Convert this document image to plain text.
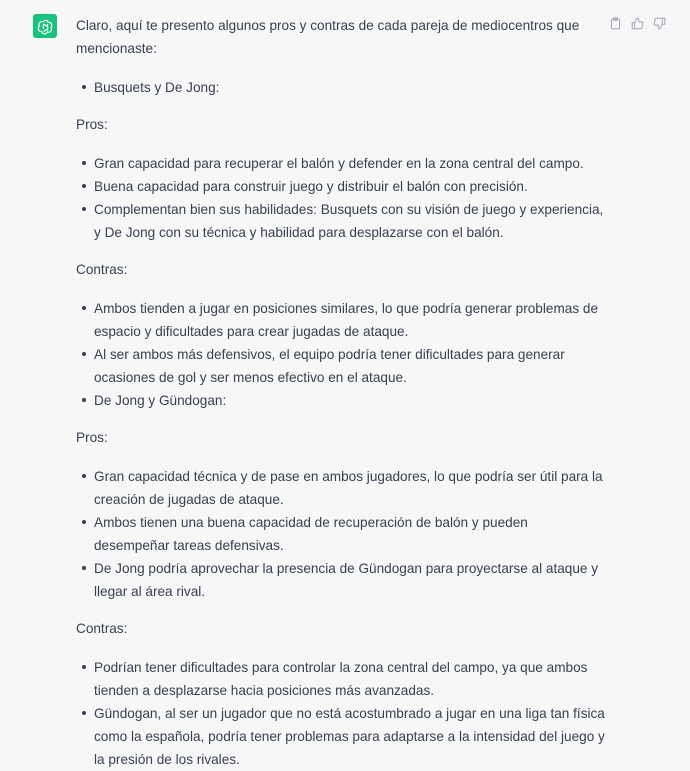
Claro, aquí te presento algunos pros y contras de cada pareja de mediocentros que mencionaste:

Busquets y De Jong:

Pros:

Gran capacidad para recuperar el balón y defender en la zona central del campo.
Buena capacidad para construir juego y distribuir el balón con precisión.
Complementan bien sus habilidades: Busquets con su visión de juego y experiencia, y De Jong con su técnica y habilidad para desplazarse con el balón.

Contras:

Ambos tienden a jugar en posiciones similares, lo que podría generar problemas de espacio y dificultades para crear jugadas de ataque.
Al ser ambos más defensivos, el equipo podría tener dificultades para generar ocasiones de gol y ser menos efectivo en el ataque.
De Jong y Gündogan:

Pros:

Gran capacidad técnica y de pase en ambos jugadores, lo que podría ser útil para la creación de jugadas de ataque.
Ambos tienen una buena capacidad de recuperación de balón y pueden desempeñar tareas defensivas.
De Jong podría aprovechar la presencia de Gündogan para proyectarse al ataque y llegar al área rival.

Contras:

Podrían tener dificultades para controlar la zona central del campo, ya que ambos tienden a desplazarse hacia posiciones más avanzadas.
Gündogan, al ser un jugador que no está acostumbrado a jugar en una liga tan física como la española, podría tener problemas para adaptarse a la intensidad del juego y la presión de los rivales.
